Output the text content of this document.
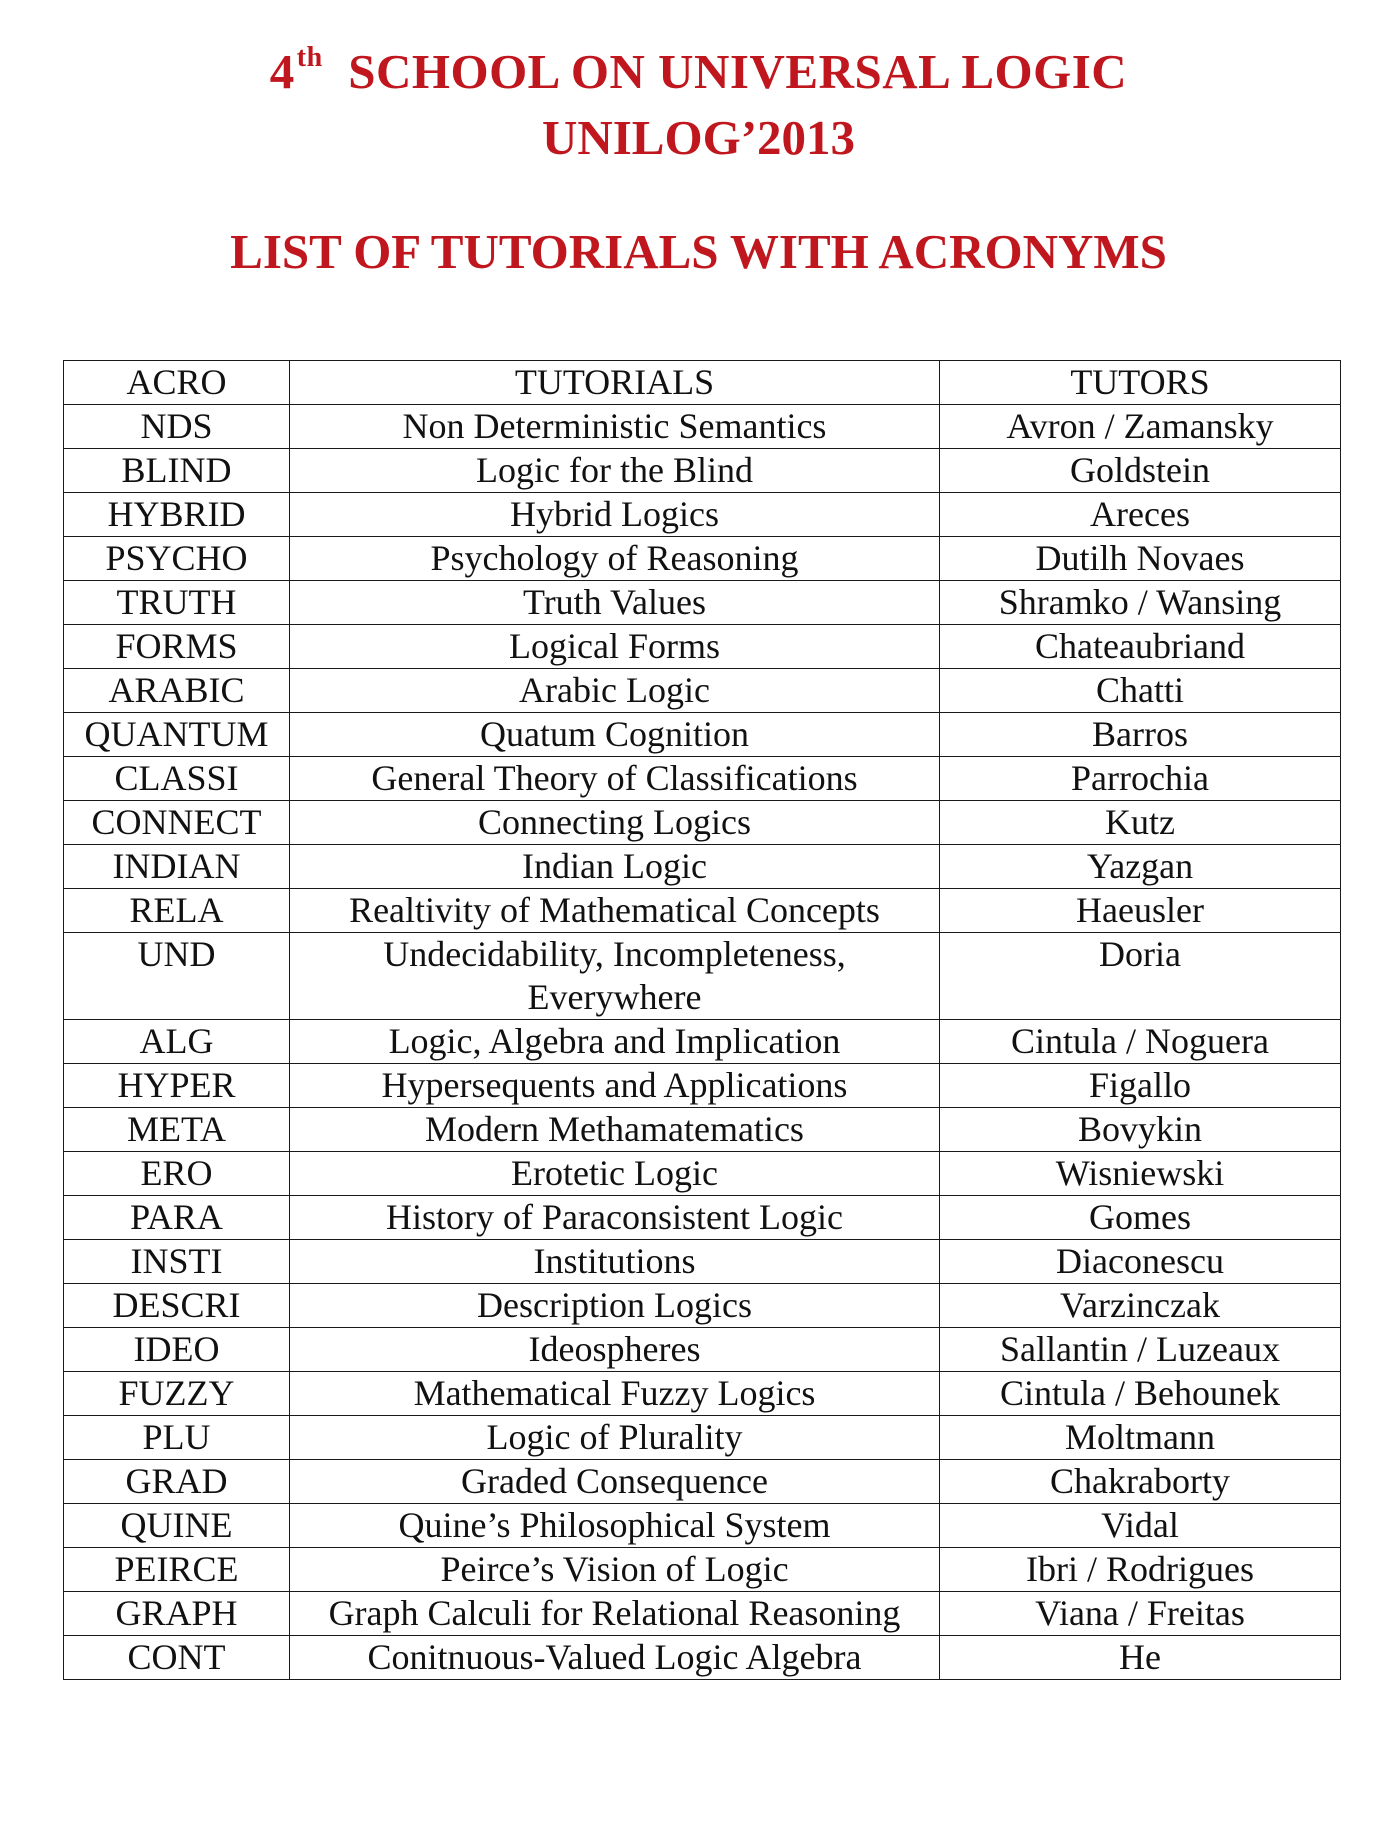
4th SCHOOL ON UNIVERSAL LOGIC
UNILOG’2013
LIST OF TUTORIALS WITH ACRONYMS
ACRO	TUTORIALS	TUTORS
NDS	Non Deterministic Semantics	Avron / Zamansky
BLIND	Logic for the Blind	Goldstein
HYBRID	Hybrid Logics	Areces
PSYCHO	Psychology of Reasoning	Dutilh Novaes
TRUTH	Truth Values	Shramko / Wansing
FORMS	Logical Forms	Chateaubriand
ARABIC	Arabic Logic	Chatti
QUANTUM	Quatum Cognition	Barros
CLASSI	General Theory of Classifications	Parrochia
CONNECT	Connecting Logics	Kutz
INDIAN	Indian Logic	Yazgan
RELA	Realtivity of Mathematical Concepts	Haeusler
UND	Undecidability, Incompleteness, Everywhere	Doria
ALG	Logic, Algebra and Implication	Cintula / Noguera
HYPER	Hypersequents and Applications	Figallo
META	Modern Methamatematics	Bovykin
ERO	Erotetic Logic	Wisniewski
PARA	History of Paraconsistent Logic	Gomes
INSTI	Institutions	Diaconescu
DESCRI	Description Logics	Varzinczak
IDEO	Ideospheres	Sallantin / Luzeaux
FUZZY	Mathematical Fuzzy Logics	Cintula / Behounek
PLU	Logic of Plurality	Moltmann
GRAD	Graded Consequence	Chakraborty
QUINE	Quine’s Philosophical System	Vidal
PEIRCE	Peirce’s Vision of Logic	Ibri / Rodrigues
GRAPH	Graph Calculi for Relational Reasoning	Viana / Freitas
CONT	Conitnuous-Valued Logic Algebra	He
